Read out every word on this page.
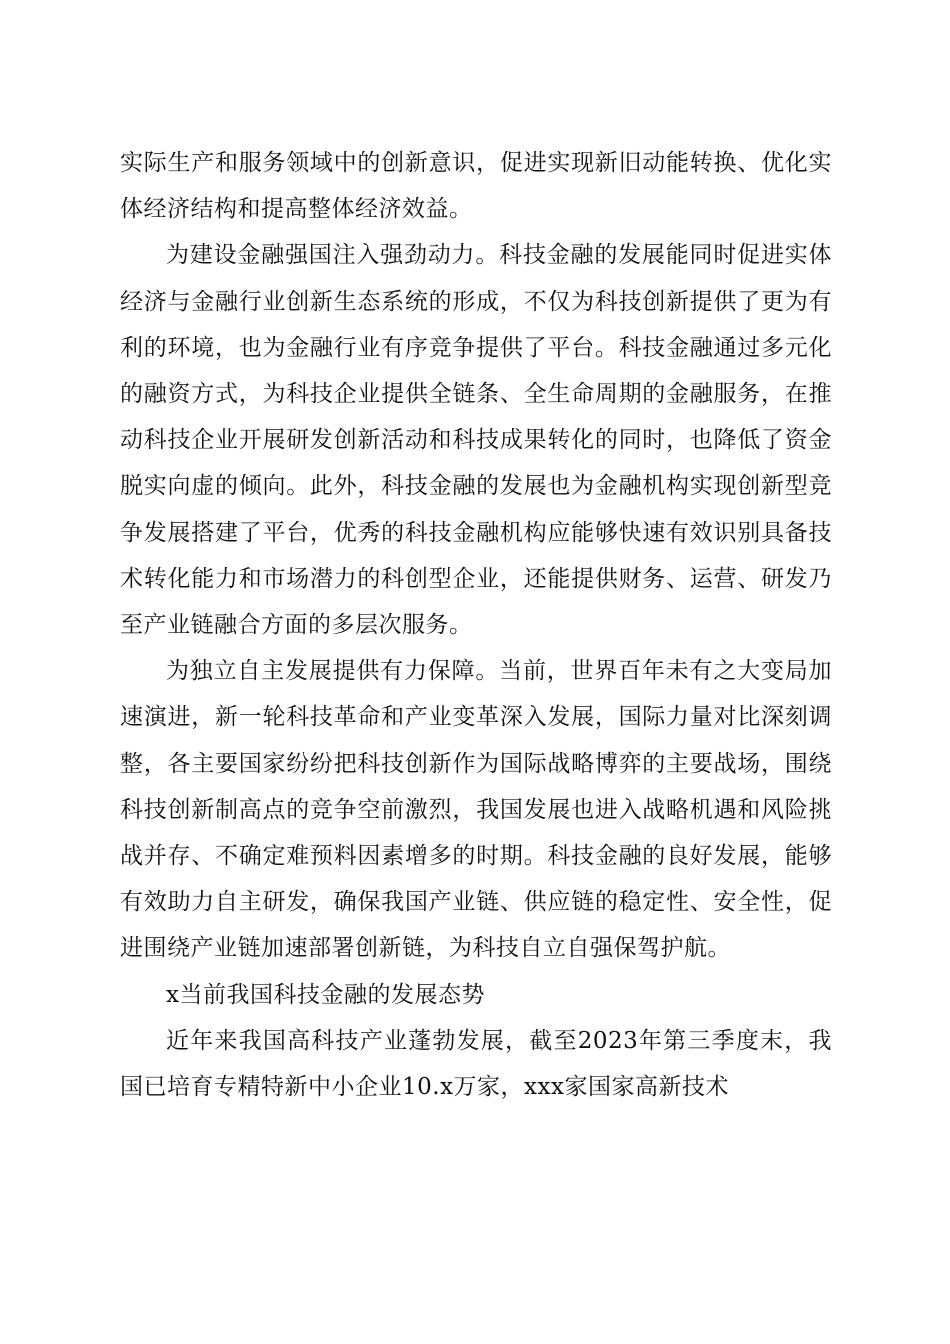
实际生产和服务领域中的创新意识，促进实现新旧动能转换、优化实体经济结构和提高整体经济效益。

为建设金融强国注入强劲动力。科技金融的发展能同时促进实体经济与金融行业创新生态系统的形成，不仅为科技创新提供了更为有利的环境，也为金融行业有序竞争提供了平台。科技金融通过多元化的融资方式，为科技企业提供全链条、全生命周期的金融服务，在推动科技企业开展研发创新活动和科技成果转化的同时，也降低了资金脱实向虚的倾向。此外，科技金融的发展也为金融机构实现创新型竞争发展搭建了平台，优秀的科技金融机构应能够快速有效识别具备技术转化能力和市场潜力的科创型企业，还能提供财务、运营、研发乃至产业链融合方面的多层次服务。

为独立自主发展提供有力保障。当前，世界百年未有之大变局加速演进，新一轮科技革命和产业变革深入发展，国际力量对比深刻调整，各主要国家纷纷把科技创新作为国际战略博弈的主要战场，围绕科技创新制高点的竞争空前激烈，我国发展也进入战略机遇和风险挑战并存、不确定难预料因素增多的时期。科技金融的良好发展，能够有效助力自主研发，确保我国产业链、供应链的稳定性、安全性，促进围绕产业链加速部署创新链，为科技自立自强保驾护航。

x当前我国科技金融的发展态势

近年来我国高科技产业蓬勃发展，截至2023年第三季度末，我国已培育专精特新中小企业10.x万家，xxx家国家高新技术
